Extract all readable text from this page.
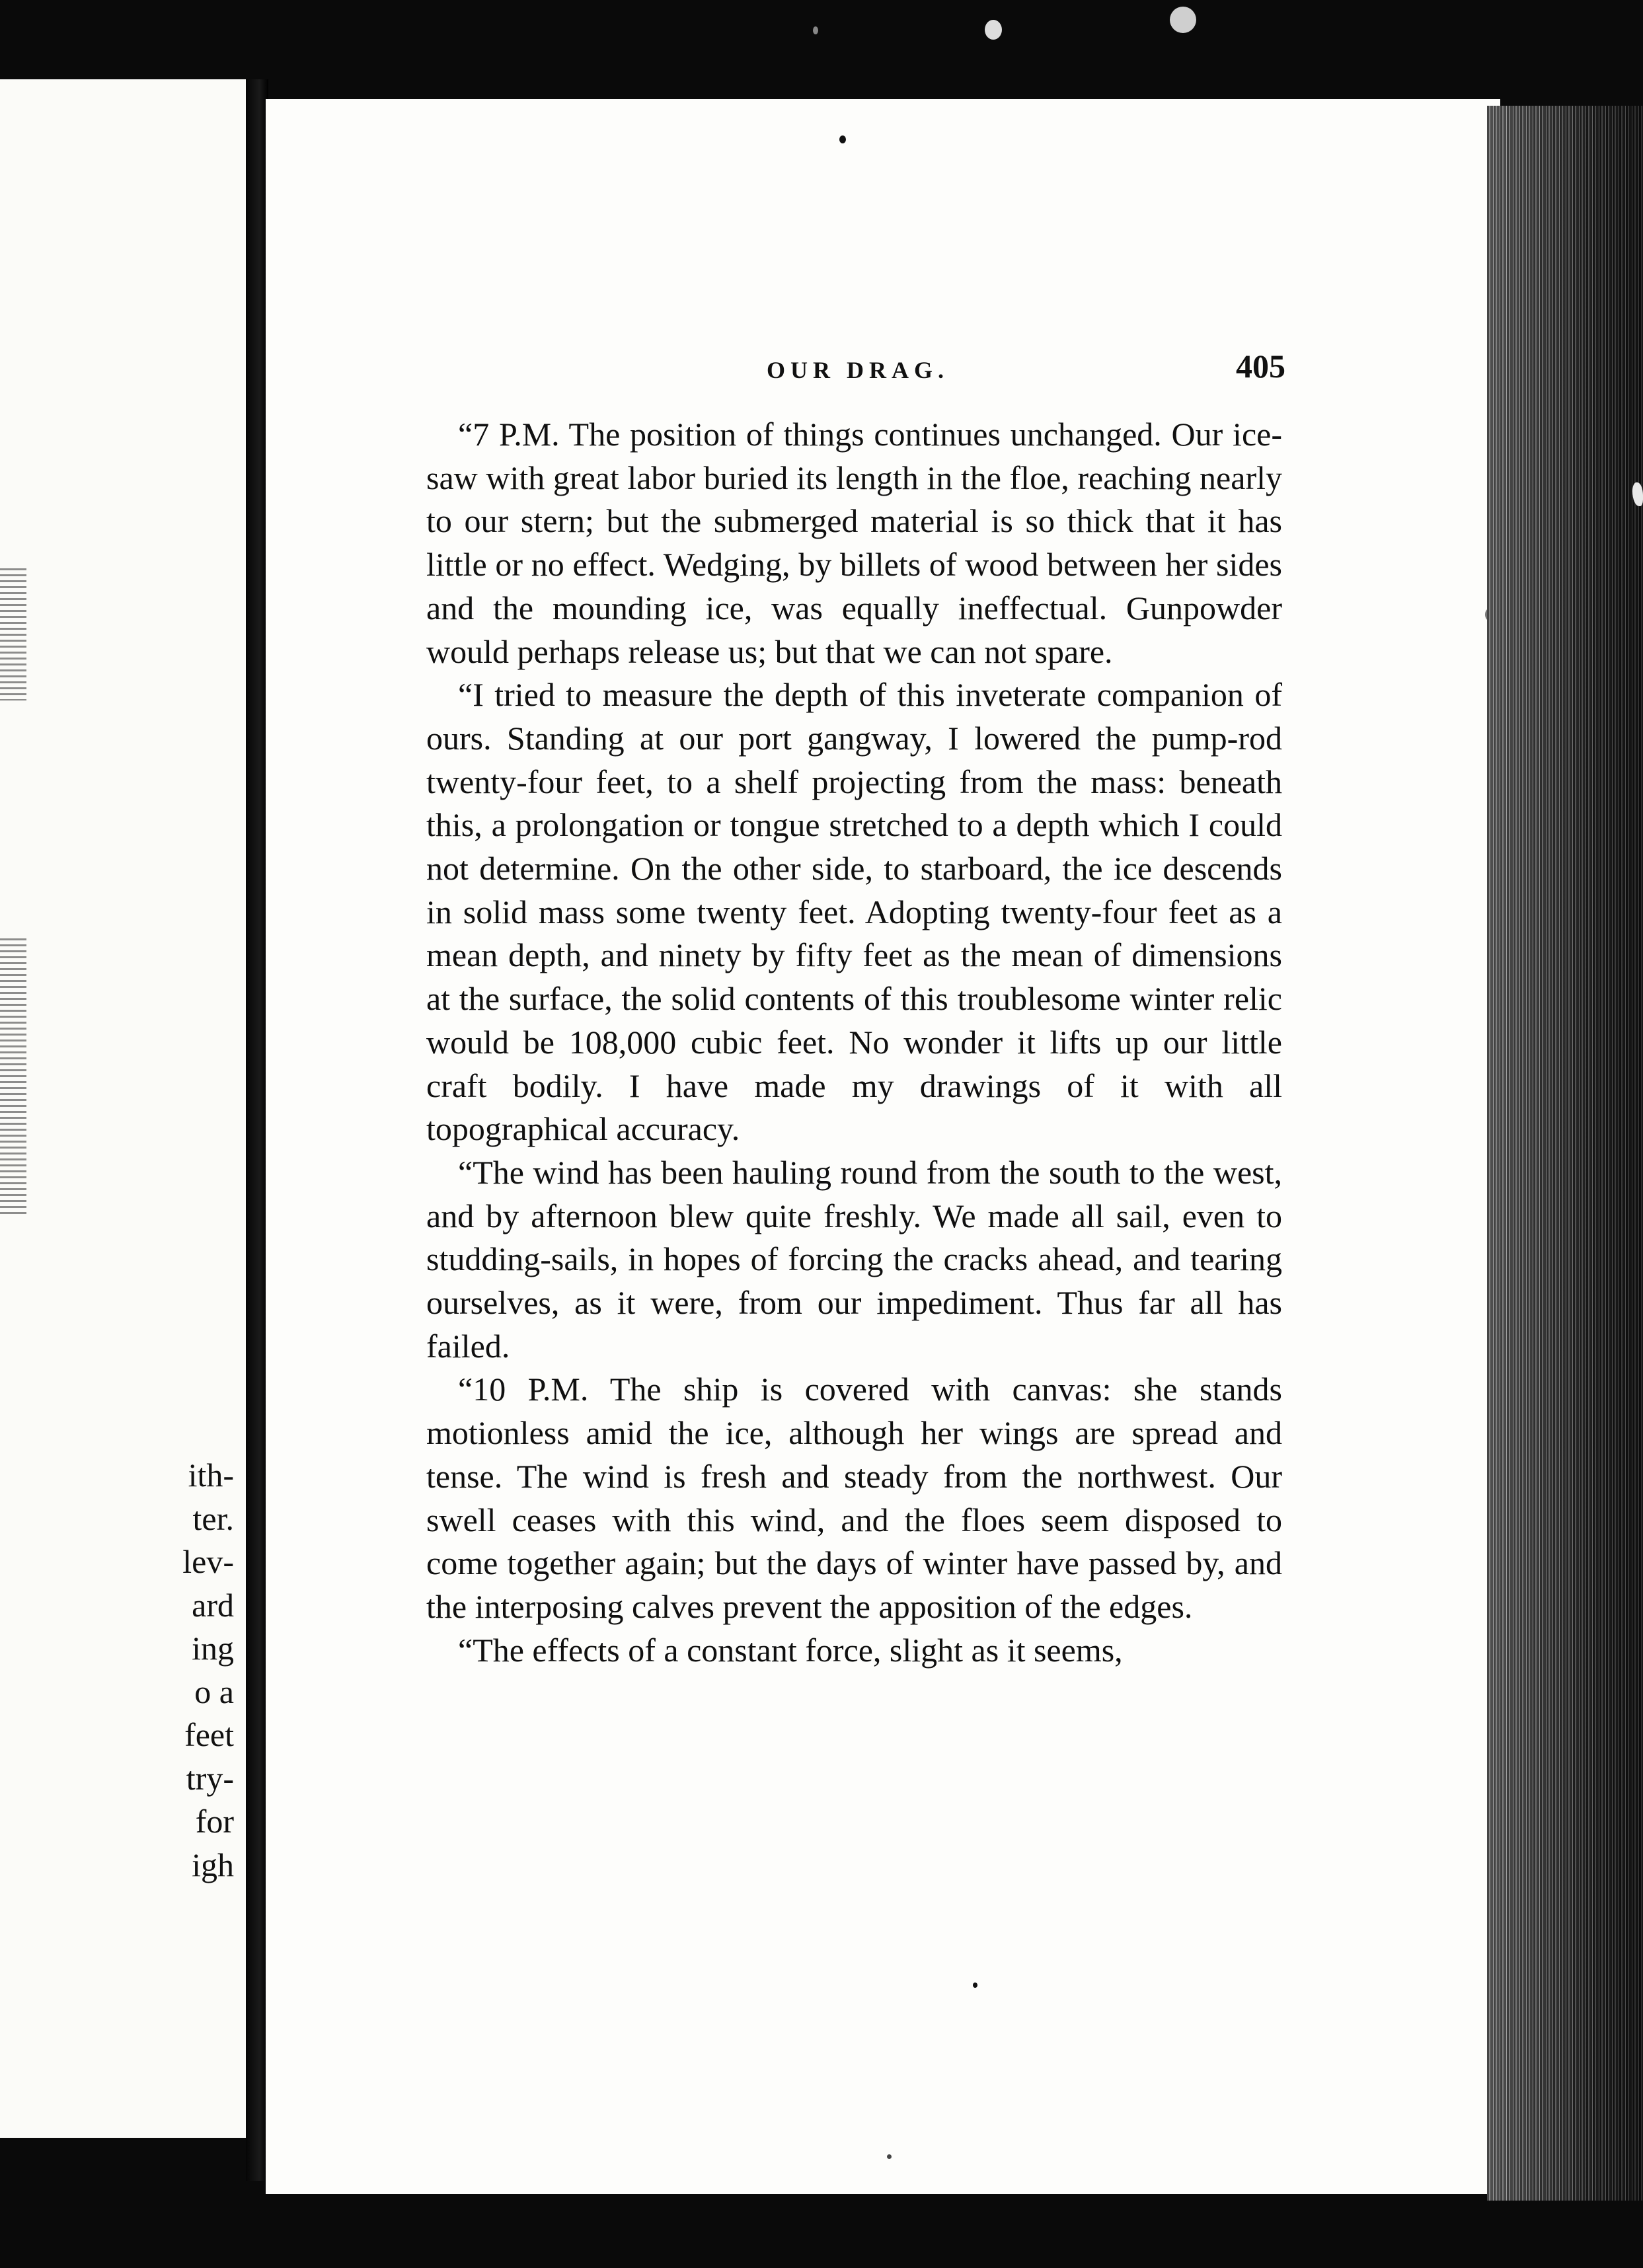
ith-
ter.
lev-
ard
ing
o a
feet
try-
for
igh
OUR DRAG.	405

“7 P.M. The position of things continues unchanged. Our ice-saw with great labor buried its length in the floe, reaching nearly to our stern; but the submerged material is so thick that it has little or no effect. Wedging, by billets of wood between her sides and the mounding ice, was equally ineffectual. Gunpowder would perhaps release us; but that we can not spare.

“I tried to measure the depth of this inveterate companion of ours. Standing at our port gangway, I lowered the pump-rod twenty-four feet, to a shelf projecting from the mass: beneath this, a prolongation or tongue stretched to a depth which I could not determine. On the other side, to starboard, the ice descends in solid mass some twenty feet. Adopting twenty-four feet as a mean depth, and ninety by fifty feet as the mean of dimensions at the surface, the solid contents of this troublesome winter relic would be 108,000 cubic feet. No wonder it lifts up our little craft bodily. I have made my drawings of it with all topographical accuracy.

“The wind has been hauling round from the south to the west, and by afternoon blew quite freshly. We made all sail, even to studding-sails, in hopes of forcing the cracks ahead, and tearing ourselves, as it were, from our impediment. Thus far all has failed.

“10 P.M. The ship is covered with canvas: she stands motionless amid the ice, although her wings are spread and tense. The wind is fresh and steady from the northwest. Our swell ceases with this wind, and the floes seem disposed to come together again; but the days of winter have passed by, and the interposing calves prevent the apposition of the edges.

“The effects of a constant force, slight as it seems,
